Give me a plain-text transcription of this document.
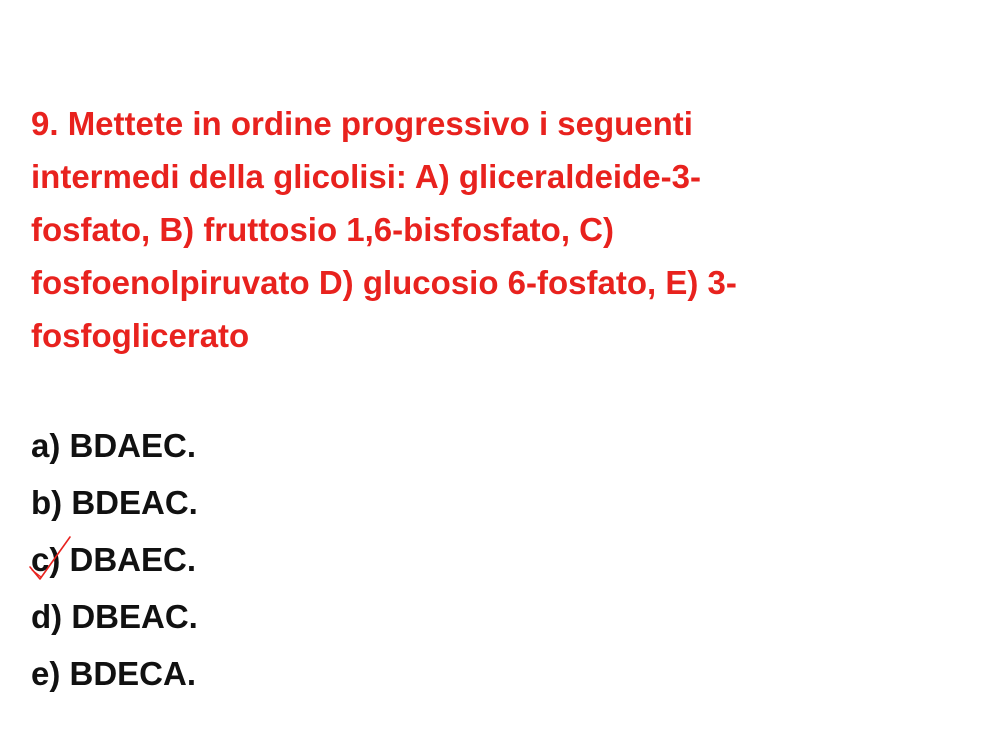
9. Mettete in ordine progressivo i seguenti
intermedi della glicolisi: A) gliceraldeide-3-
fosfato, B) fruttosio 1,6-bisfosfato, C)
fosfoenolpiruvato D) glucosio 6-fosfato, E) 3-
fosfoglicerato
a) BDAEC.
b) BDEAC.
c) DBAEC.
d) DBEAC.
e) BDECA.
